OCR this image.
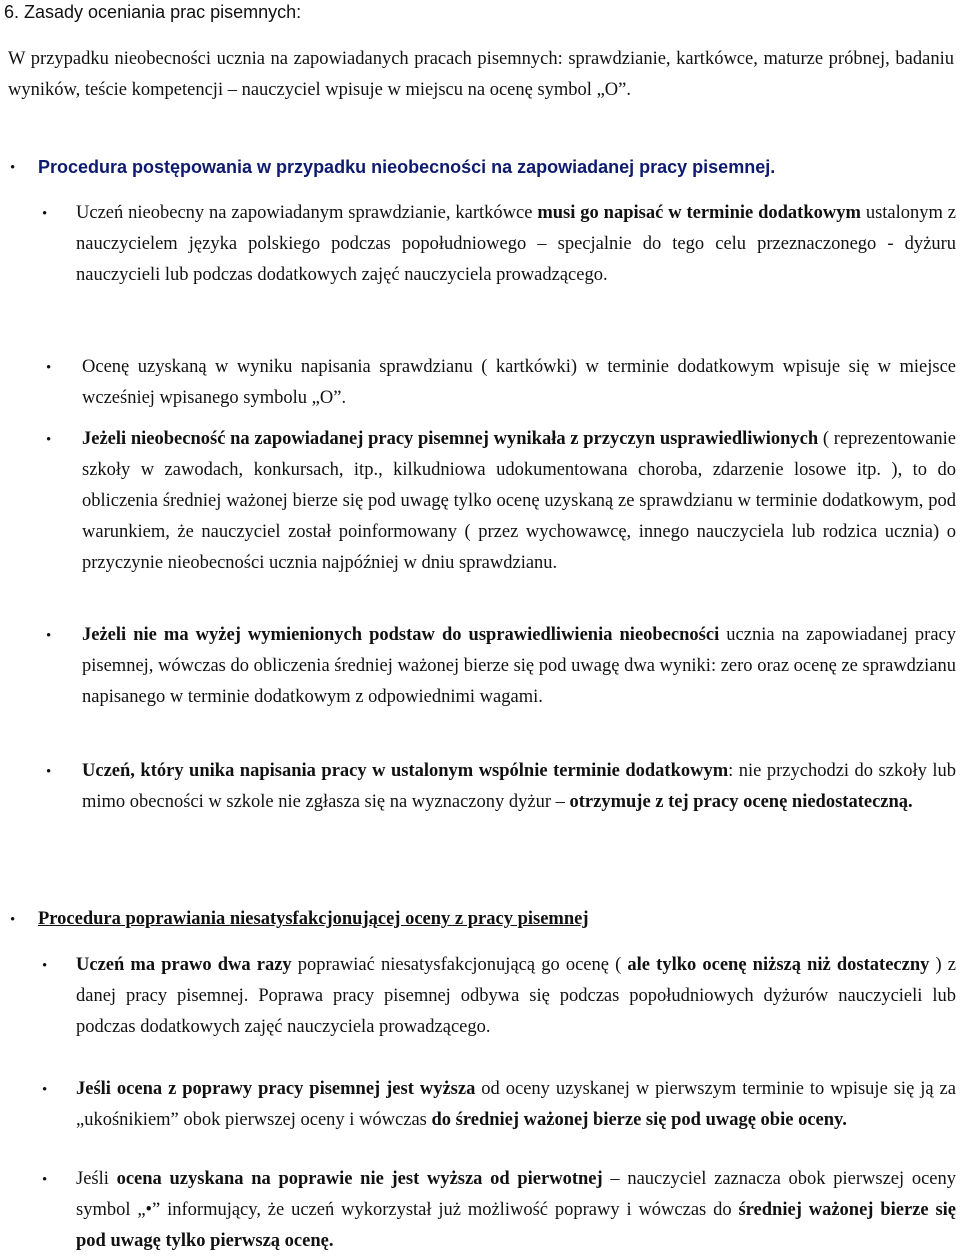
6. Zasady oceniania prac pisemnych:
W przypadku nieobecności ucznia na zapowiadanych pracach pisemnych: sprawdzianie, kartkówce, maturze próbnej, badaniu wyników, teście kompetencji – nauczyciel wpisuje w miejscu na ocenę symbol „O”.
• Procedura postępowania w przypadku nieobecności na zapowiadanej pracy pisemnej.
• Uczeń nieobecny na zapowiadanym sprawdzianie, kartkówce musi go napisać w terminie dodatkowym ustalonym z nauczycielem języka polskiego podczas popołudniowego – specjalnie do tego celu przeznaczonego - dyżuru nauczycieli lub podczas dodatkowych zajęć nauczyciela prowadzącego.
• Ocenę uzyskaną w wyniku napisania sprawdzianu ( kartkówki) w terminie dodatkowym wpisuje się w miejsce wcześniej wpisanego symbolu „O”.
• Jeżeli nieobecność na zapowiadanej pracy pisemnej wynikała z przyczyn usprawiedliwionych ( reprezentowanie szkoły w zawodach, konkursach, itp., kilkudniowa udokumentowana choroba, zdarzenie losowe itp. ), to do obliczenia średniej ważonej bierze się pod uwagę tylko ocenę uzyskaną ze sprawdzianu w terminie dodatkowym, pod warunkiem, że nauczyciel został poinformowany ( przez wychowawcę, innego nauczyciela lub rodzica ucznia) o przyczynie nieobecności ucznia najpóźniej w dniu sprawdzianu.
• Jeżeli nie ma wyżej wymienionych podstaw do usprawiedliwienia nieobecności ucznia na zapowiadanej pracy pisemnej, wówczas do obliczenia średniej ważonej bierze się pod uwagę dwa wyniki: zero oraz ocenę ze sprawdzianu napisanego w terminie dodatkowym z odpowiednimi wagami.
• Uczeń, który unika napisania pracy w ustalonym wspólnie terminie dodatkowym: nie przychodzi do szkoły lub mimo obecności w szkole nie zgłasza się na wyznaczony dyżur – otrzymuje z tej pracy ocenę niedostateczną.
• Procedura poprawiania niesatysfakcjonującej oceny z pracy pisemnej
• Uczeń ma prawo dwa razy poprawiać niesatysfakcjonującą go ocenę ( ale tylko ocenę niższą niż dostateczny ) z danej pracy pisemnej. Poprawa pracy pisemnej odbywa się podczas popołudniowych dyżurów nauczycieli lub podczas dodatkowych zajęć nauczyciela prowadzącego.
• Jeśli ocena z poprawy pracy pisemnej jest wyższa od oceny uzyskanej w pierwszym terminie to wpisuje się ją za „ukośnikiem” obok pierwszej oceny i wówczas do średniej ważonej bierze się pod uwagę obie oceny.
• Jeśli ocena uzyskana na poprawie nie jest wyższa od pierwotnej – nauczyciel zaznacza obok pierwszej oceny symbol „•” informujący, że uczeń wykorzystał już możliwość poprawy i wówczas do średniej ważonej bierze się pod uwagę tylko pierwszą ocenę.
